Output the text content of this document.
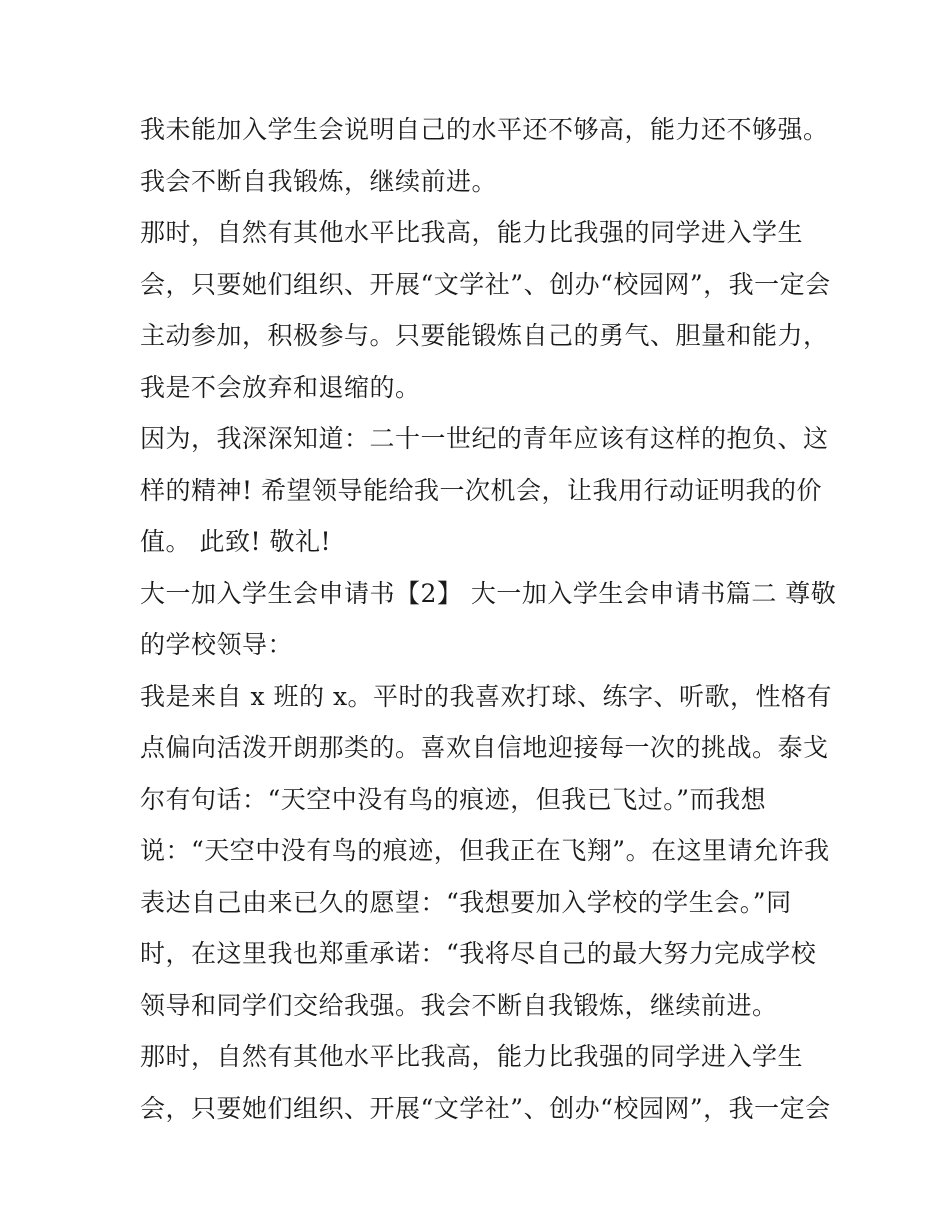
我未能加入学生会说明自己的水平还不够高，能力还不够强。
我会不断自我锻炼，继续前进。
那时，自然有其他水平比我高，能力比我强的同学进入学生
会，只要她们组织、开展“文学社”、创办“校园网”，我一定会
主动参加，积极参与。只要能锻炼自己的勇气、胆量和能力，
我是不会放弃和退缩的。
因为，我深深知道：二十一世纪的青年应该有这样的抱负、这
样的精神! 希望领导能给我一次机会，让我用行动证明我的价
值。 此致! 敬礼!
大一加入学生会申请书【2】 大一加入学生会申请书篇二 尊敬
的学校领导：
我是来自 x 班的 x。平时的我喜欢打球、练字、听歌，性格有
点偏向活泼开朗那类的。喜欢自信地迎接每一次的挑战。泰戈
尔有句话：“天空中没有鸟的痕迹，但我已飞过。”而我想
说：“天空中没有鸟的痕迹，但我正在飞翔”。在这里请允许我
表达自己由来已久的愿望：“我想要加入学校的学生会。”同
时，在这里我也郑重承诺：“我将尽自己的最大努力完成学校
领导和同学们交给我强。我会不断自我锻炼，继续前进。
那时，自然有其他水平比我高，能力比我强的同学进入学生
会，只要她们组织、开展“文学社”、创办“校园网”，我一定会
